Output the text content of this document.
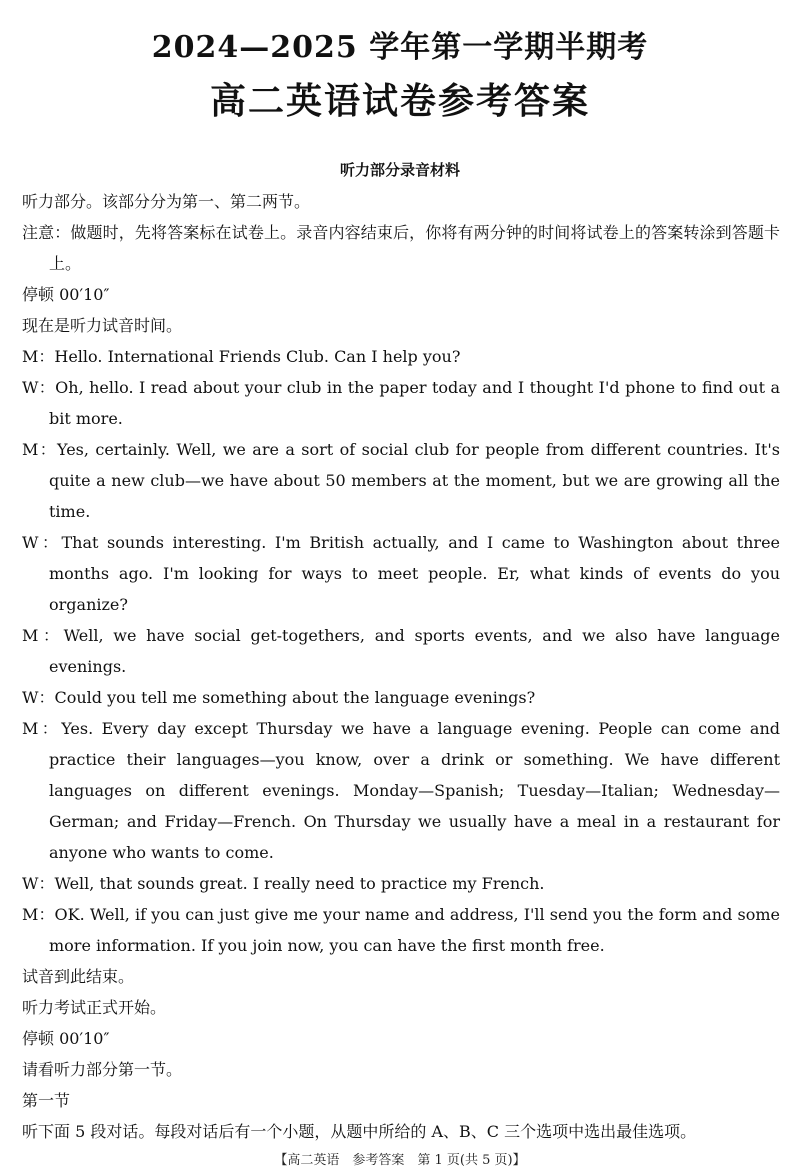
2024—2025 学年第一学期半期考
高二英语试卷参考答案
听力部分录音材料

听力部分。该部分分为第一、第二两节。

注意：做题时，先将答案标在试卷上。录音内容结束后，你将有两分钟的时间将试卷上的答案转涂到答题卡上。

停顿 00′10″

现在是听力试音时间。

M：Hello. International Friends Club. Can I help you?

W：Oh, hello. I read about your club in the paper today and I thought I'd phone to find out a bit more.

M：Yes, certainly. Well, we are a sort of social club for people from different countries. It's quite a new club—we have about 50 members at the moment, but we are growing all the time.

W：That sounds interesting. I'm British actually, and I came to Washington about three months ago. I'm looking for ways to meet people. Er, what kinds of events do you organize?

M：Well, we have social get-togethers, and sports events, and we also have language evenings.

W：Could you tell me something about the language evenings?

M：Yes. Every day except Thursday we have a language evening. People can come and practice their languages—you know, over a drink or something. We have different languages on different evenings. Monday—Spanish; Tuesday—Italian; Wednesday—German; and Friday—French. On Thursday we usually have a meal in a restaurant for anyone who wants to come.

W：Well, that sounds great. I really need to practice my French.

M：OK. Well, if you can just give me your name and address, I'll send you the form and some more information. If you join now, you can have the first month free.

试音到此结束。

听力考试正式开始。

停顿 00′10″

请看听力部分第一节。

第一节

听下面 5 段对话。每段对话后有一个小题，从题中所给的 A、B、C 三个选项中选出最佳选项。

【高二英语　参考答案　第 1 页(共 5 页)】
